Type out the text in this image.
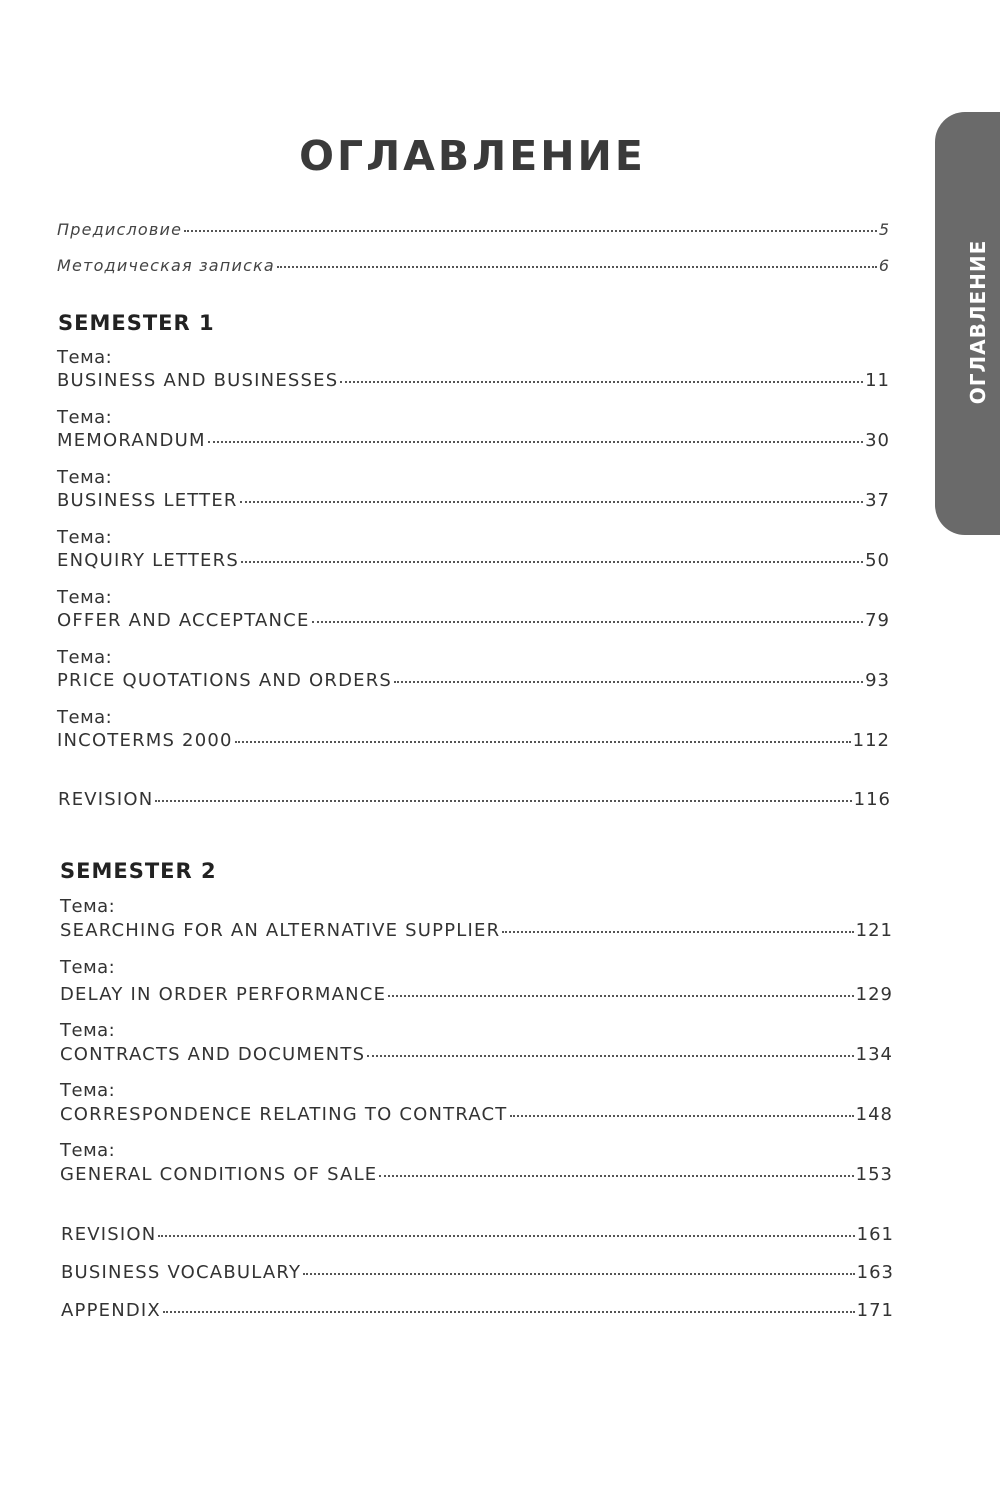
ОГЛАВЛЕНИЕ
ОГЛАВЛЕНИЕ
Предисловие	5
Методическая записка	6
SEMESTER 1
Тема:
BUSINESS AND BUSINESSES	11
Тема:
MEMORANDUM	30
Тема:
BUSINESS LETTER	37
Тема:
ENQUIRY LETTERS	50
Тема:
OFFER AND ACCEPTANCE	79
Тема:
PRICE QUOTATIONS AND ORDERS	93
Тема:
INCOTERMS 2000	112
REVISION	116
SEMESTER 2
Тема:
SEARCHING FOR AN ALTERNATIVE SUPPLIER	121
Тема:
DELAY IN ORDER PERFORMANCE	129
Тема:
CONTRACTS AND DOCUMENTS	134
Тема:
CORRESPONDENCE RELATING TO CONTRACT	148
Тема:
GENERAL CONDITIONS OF SALE	153
REVISION	161
BUSINESS VOCABULARY	163
APPENDIX	171
